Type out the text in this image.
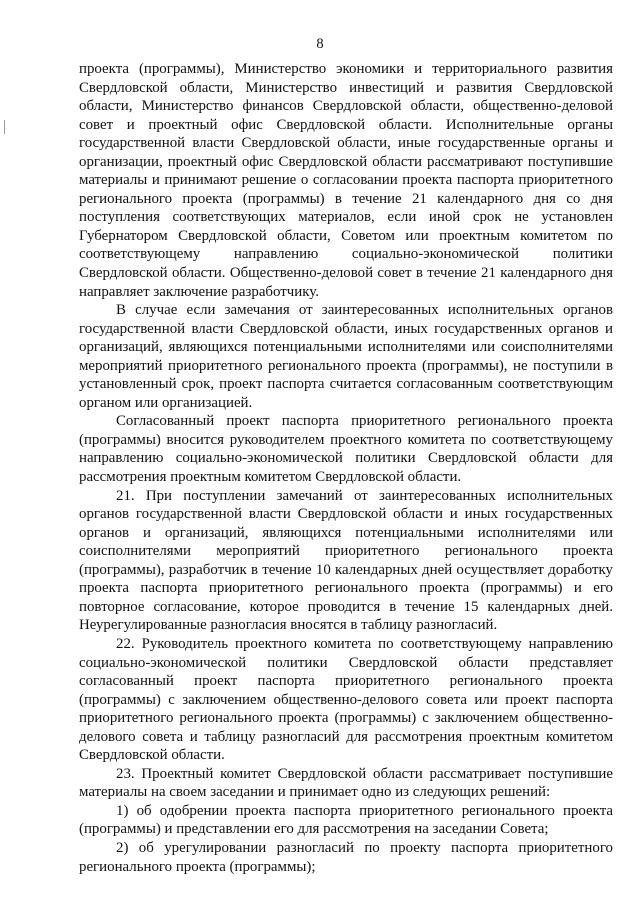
8

проекта (программы), Министерство экономики и территориального развития Свердловской области, Министерство инвестиций и развития Свердловской области, Министерство финансов Свердловской области, общественно-деловой совет и проектный офис Свердловской области. Исполнительные органы государственной власти Свердловской области, иные государственные органы и организации, проектный офис Свердловской области рассматривают поступившие материалы и принимают решение о согласовании проекта паспорта приоритетного регионального проекта (программы) в течение 21 календарного дня со дня поступления соответствующих материалов, если иной срок не установлен Губернатором Свердловской области, Советом или проектным комитетом по соответствующему направлению социально-экономической политики Свердловской области. Общественно-деловой совет в течение 21 календарного дня направляет заключение разработчику.

В случае если замечания от заинтересованных исполнительных органов государственной власти Свердловской области, иных государственных органов и организаций, являющихся потенциальными исполнителями или соисполнителями мероприятий приоритетного регионального проекта (программы), не поступили в установленный срок, проект паспорта считается согласованным соответствующим органом или организацией.

Согласованный проект паспорта приоритетного регионального проекта (программы) вносится руководителем проектного комитета по соответствующему направлению социально-экономической политики Свердловской области для рассмотрения проектным комитетом Свердловской области.

21. При поступлении замечаний от заинтересованных исполнительных органов государственной власти Свердловской области и иных государственных органов и организаций, являющихся потенциальными исполнителями или соисполнителями мероприятий приоритетного регионального проекта (программы), разработчик в течение 10 календарных дней осуществляет доработку проекта паспорта приоритетного регионального проекта (программы) и его повторное согласование, которое проводится в течение 15 календарных дней. Неурегулированные разногласия вносятся в таблицу разногласий.

22. Руководитель проектного комитета по соответствующему направлению социально-экономической политики Свердловской области представляет согласованный проект паспорта приоритетного регионального проекта (программы) с заключением общественно-делового совета или проект паспорта приоритетного регионального проекта (программы) с заключением общественно-делового совета и таблицу разногласий для рассмотрения проектным комитетом Свердловской области.

23. Проектный комитет Свердловской области рассматривает поступившие материалы на своем заседании и принимает одно из следующих решений:

1) об одобрении проекта паспорта приоритетного регионального проекта (программы) и представлении его для рассмотрения на заседании Совета;

2) об урегулировании разногласий по проекту паспорта приоритетного регионального проекта (программы);
